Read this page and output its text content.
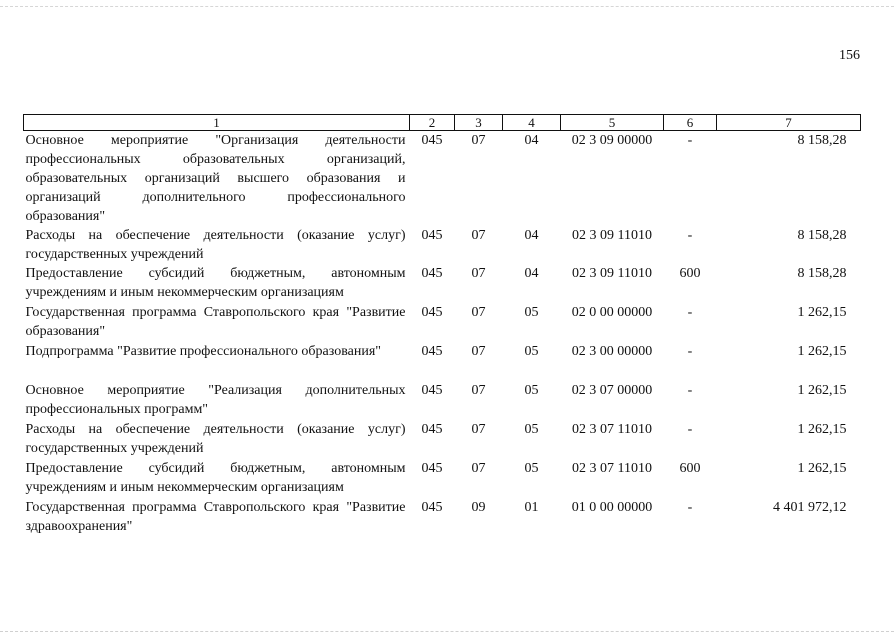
156
1	2	3	4	5	6	7
Основное мероприятие "Организация деятельности профессиональных образовательных организаций, образовательных организаций высшего образования и организаций дополнительного профессионального образования"	045	07	04	02 3 09 00000	-	8 158,28
Расходы на обеспечение деятельности (оказание услуг) государственных учреждений	045	07	04	02 3 09 11010	-	8 158,28
Предоставление субсидий бюджетным, автономным учреждениям и иным некоммерческим организациям	045	07	04	02 3 09 11010	600	8 158,28
Государственная программа Ставропольского края "Развитие образования"	045	07	05	02 0 00 00000	-	1 262,15
Подпрограмма "Развитие профессионального образования"	045	07	05	02 3 00 00000	-	1 262,15
Основное мероприятие "Реализация дополнительных профессиональных программ"	045	07	05	02 3 07 00000	-	1 262,15
Расходы на обеспечение деятельности (оказание услуг) государственных учреждений	045	07	05	02 3 07 11010	-	1 262,15
Предоставление субсидий бюджетным, автономным учреждениям и иным некоммерческим организациям	045	07	05	02 3 07 11010	600	1 262,15
Государственная программа Ставропольского края "Развитие здравоохранения"	045	09	01	01 0 00 00000	-	4 401 972,12
